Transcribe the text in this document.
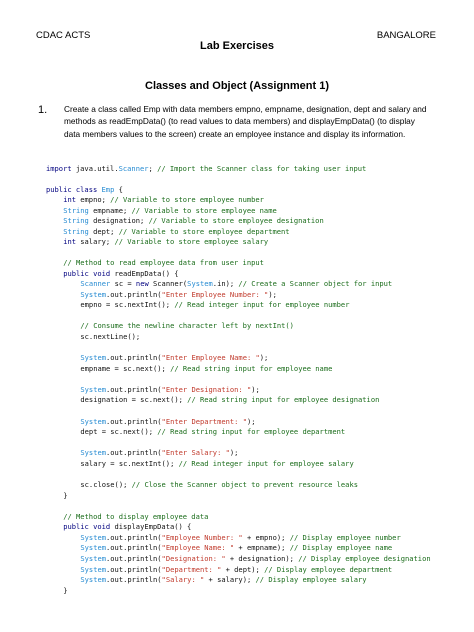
CDAC ACTS	BANGALORE
Lab Exercises
Classes and Object (Assignment 1)
1. Create a class called Emp with data members empno, empname, designation, dept and salary and methods as readEmpData() (to read values to data members) and displayEmpData() (to display data members values to the screen) create an employee instance and display its information.
import java.util.Scanner; // Import the Scanner class for taking user input
public class Emp {
int empno; // Variable to store employee number
String empname; // Variable to store employee name
String designation; // Variable to store employee designation
String dept; // Variable to store employee department
int salary; // Variable to store employee salary
// Method to read employee data from user input
public void readEmpData() {
Scanner sc = new Scanner(System.in); // Create a Scanner object for input
System.out.println("Enter Employee Number: ");
empno = sc.nextInt(); // Read integer input for employee number
// Consume the newline character left by nextInt()
sc.nextLine();
System.out.println("Enter Employee Name: ");
empname = sc.next(); // Read string input for employee name
System.out.println("Enter Designation: ");
designation = sc.next(); // Read string input for employee designation
System.out.println("Enter Department: ");
dept = sc.next(); // Read string input for employee department
System.out.println("Enter Salary: ");
salary = sc.nextInt(); // Read integer input for employee salary
sc.close(); // Close the Scanner object to prevent resource leaks
}
// Method to display employee data
public void displayEmpData() {
System.out.println("Employee Number: " + empno); // Display employee number
System.out.println("Employee Name: " + empname); // Display employee name
System.out.println("Designation: " + designation); // Display employee designation
System.out.println("Department: " + dept); // Display employee department
System.out.println("Salary: " + salary); // Display employee salary
}
